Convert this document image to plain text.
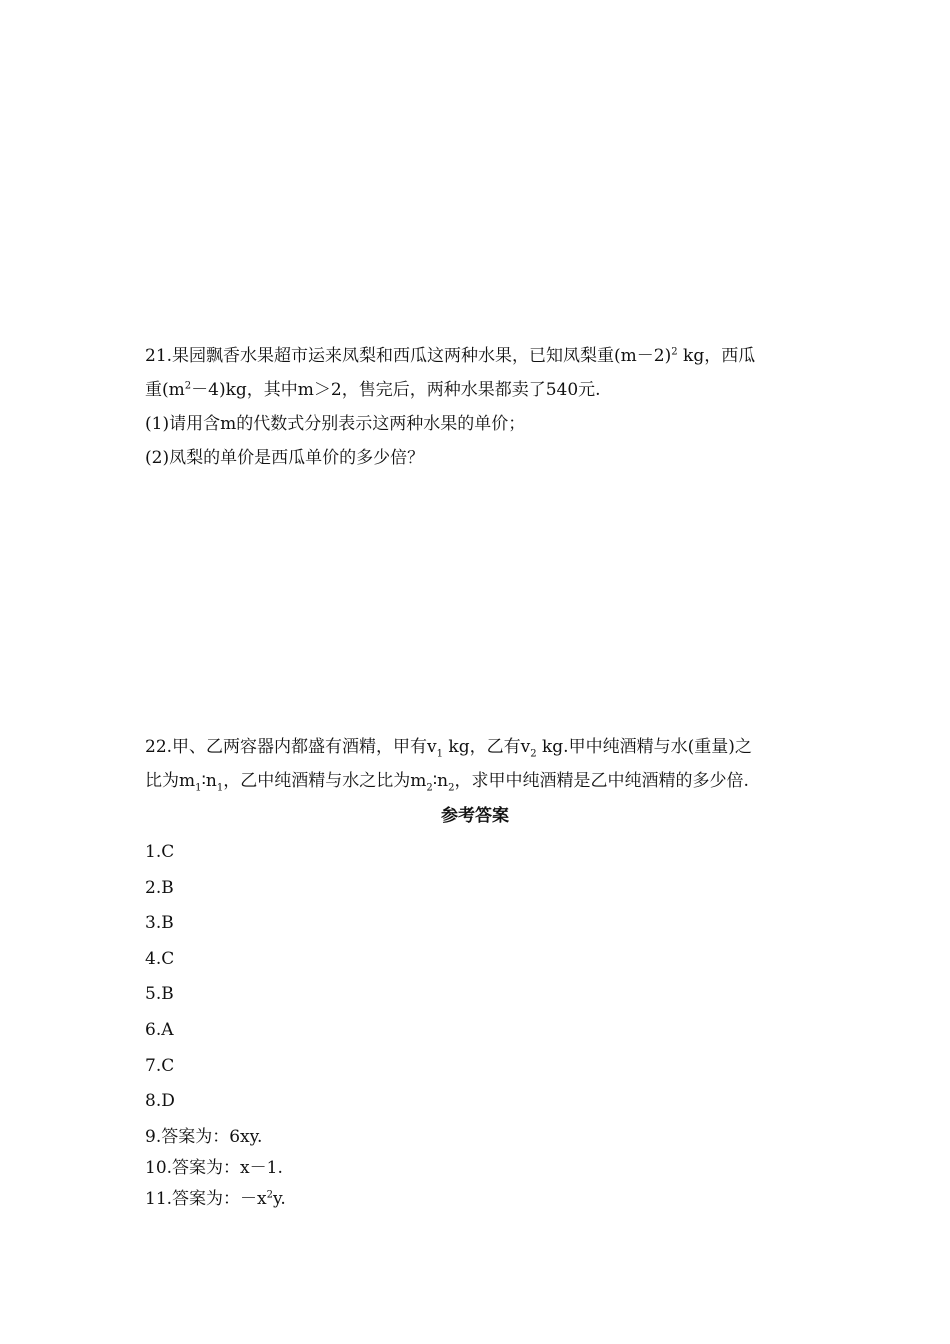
21.果园飘香水果超市运来凤梨和西瓜这两种水果，已知凤梨重$(m-2)^2$ kg，西瓜
重$(m^2-4)kg$，其中m＞2，售完后，两种水果都卖了540元.
(1)请用含m的代数式分别表示这两种水果的单价；
(2)凤梨的单价是西瓜单价的多少倍？
22.甲、乙两容器内都盛有酒精，甲有$v_1$ kg，乙有$v_2$ kg.甲中纯酒精与水(重量)之
比为$m_1∶n_1$，乙中纯酒精与水之比为$m_2∶n_2$，求甲中纯酒精是乙中纯酒精的多少倍.
参考答案
1.C
2.B
3.B
4.C
5.B
6.A
7.C
8.D
9.答案为：6xy.
10.答案为：x－1.
11.答案为：$-x^2y$.
